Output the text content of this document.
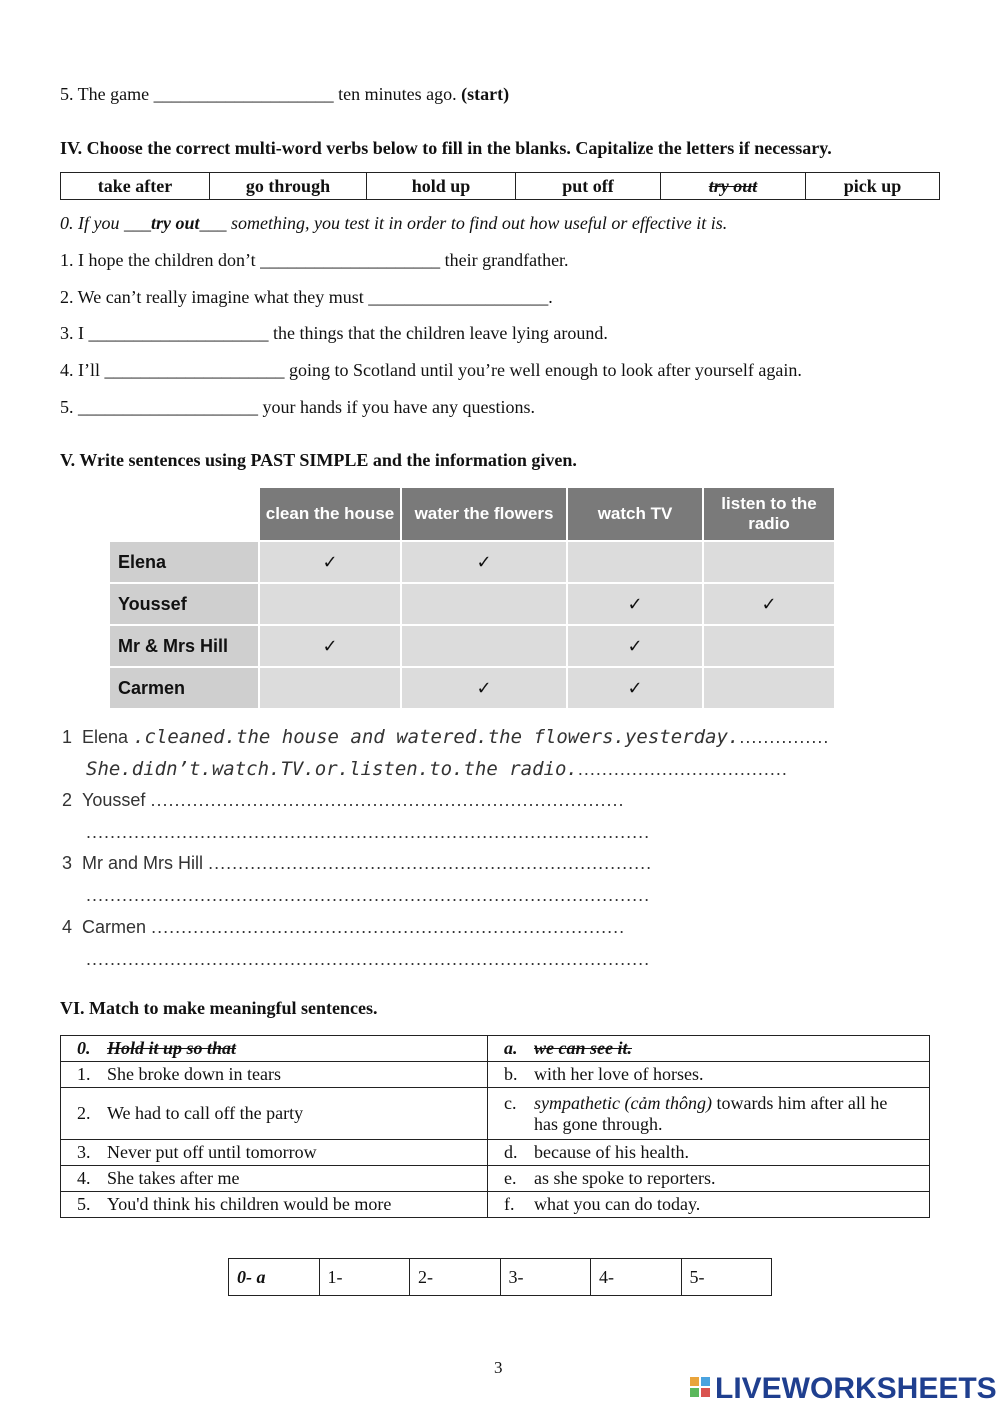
5. The game ____________________ ten minutes ago. (start)
IV. Choose the correct multi-word verbs below to fill in the blanks. Capitalize the letters if necessary.
take after	go through	hold up	put off	try out	pick up
0. If you ___try out___ something, you test it in order to find out how useful or effective it is.
1. I hope the children don’t ____________________ their grandfather.
2. We can’t really imagine what they must ____________________.
3. I ____________________ the things that the children leave lying around.
4. I’ll ____________________ going to Scotland until you’re well enough to look after yourself again.
5. ____________________ your hands if you have any questions.
V. Write sentences using PAST SIMPLE and the information given.
	clean the house	water the flowers	watch TV	listen to the radio
Elena	✓	✓		
Youssef			✓	✓
Mr & Mrs Hill	✓		✓	
Carmen		✓	✓	
1 Elena .cleaned.the house and watered.the flowers.yesterday................
She.didn’t.watch.TV.or.listen.to.the radio....................................
2 Youssef ...............................................................................
..............................................................................................
3 Mr and Mrs Hill ..........................................................................
..............................................................................................
4 Carmen ...............................................................................
..............................................................................................
VI. Match to make meaningful sentences.
0. Hold it up so that	a. we can see it.
1. She broke down in tears	b. with her love of horses.
2. We had to call off the party	c. sympathetic (cảm thông) towards him after all he has gone through.
3. Never put off until tomorrow	d. because of his health.
4. She takes after me	e. as she spoke to reporters.
5. You'd think his children would be more	f. what you can do today.
0- a	1-	2-	3-	4-	5-
3
LIVEWORKSHEETS
